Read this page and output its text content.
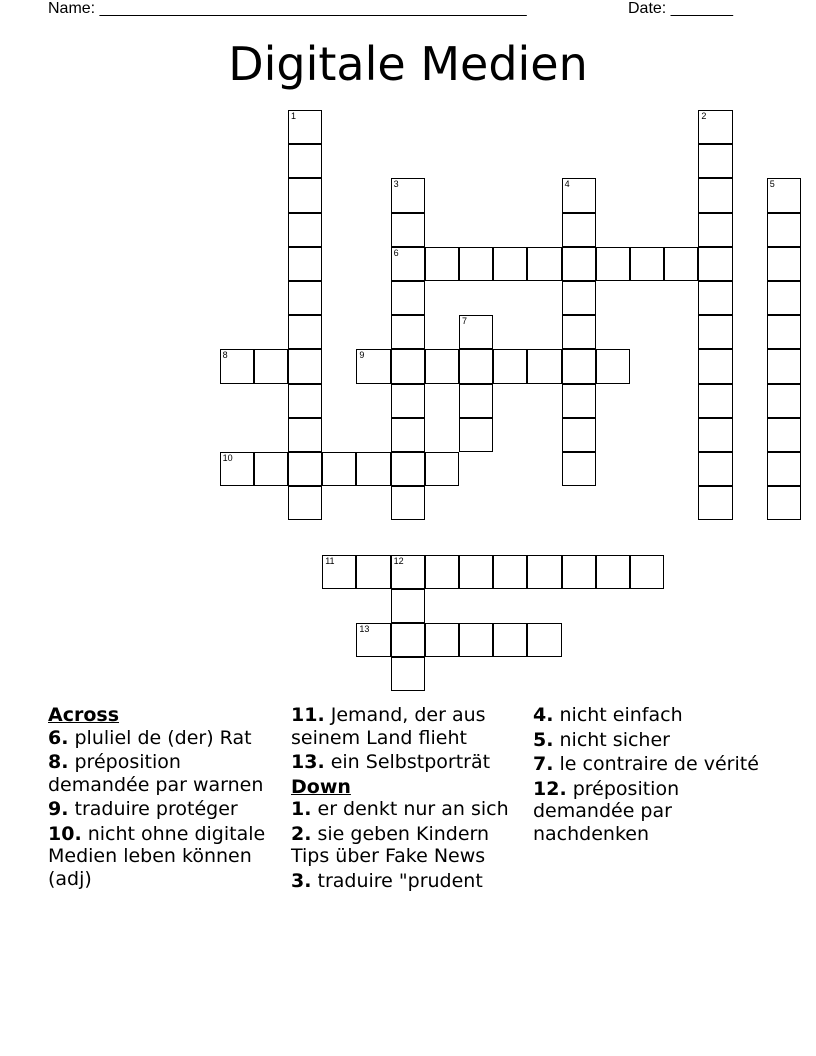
Name: ________________________________________________	Date: _______
Digitale Medien
1	2
3
6
4	5
7
8	9
10
11	12
13
Across
6. pluliel de (der) Rat
8. préposition demandée par warnen
9. traduire protéger
10. nicht ohne digitale Medien leben können (adj)
11. Jemand, der aus seinem Land flieht
13. ein Selbstporträt
Down
1. er denkt nur an sich
2. sie geben Kindern Tips über Fake News
3. traduire "prudent
4. nicht einfach
5. nicht sicher
7. le contraire de vérité
12. préposition demandée par nachdenken
